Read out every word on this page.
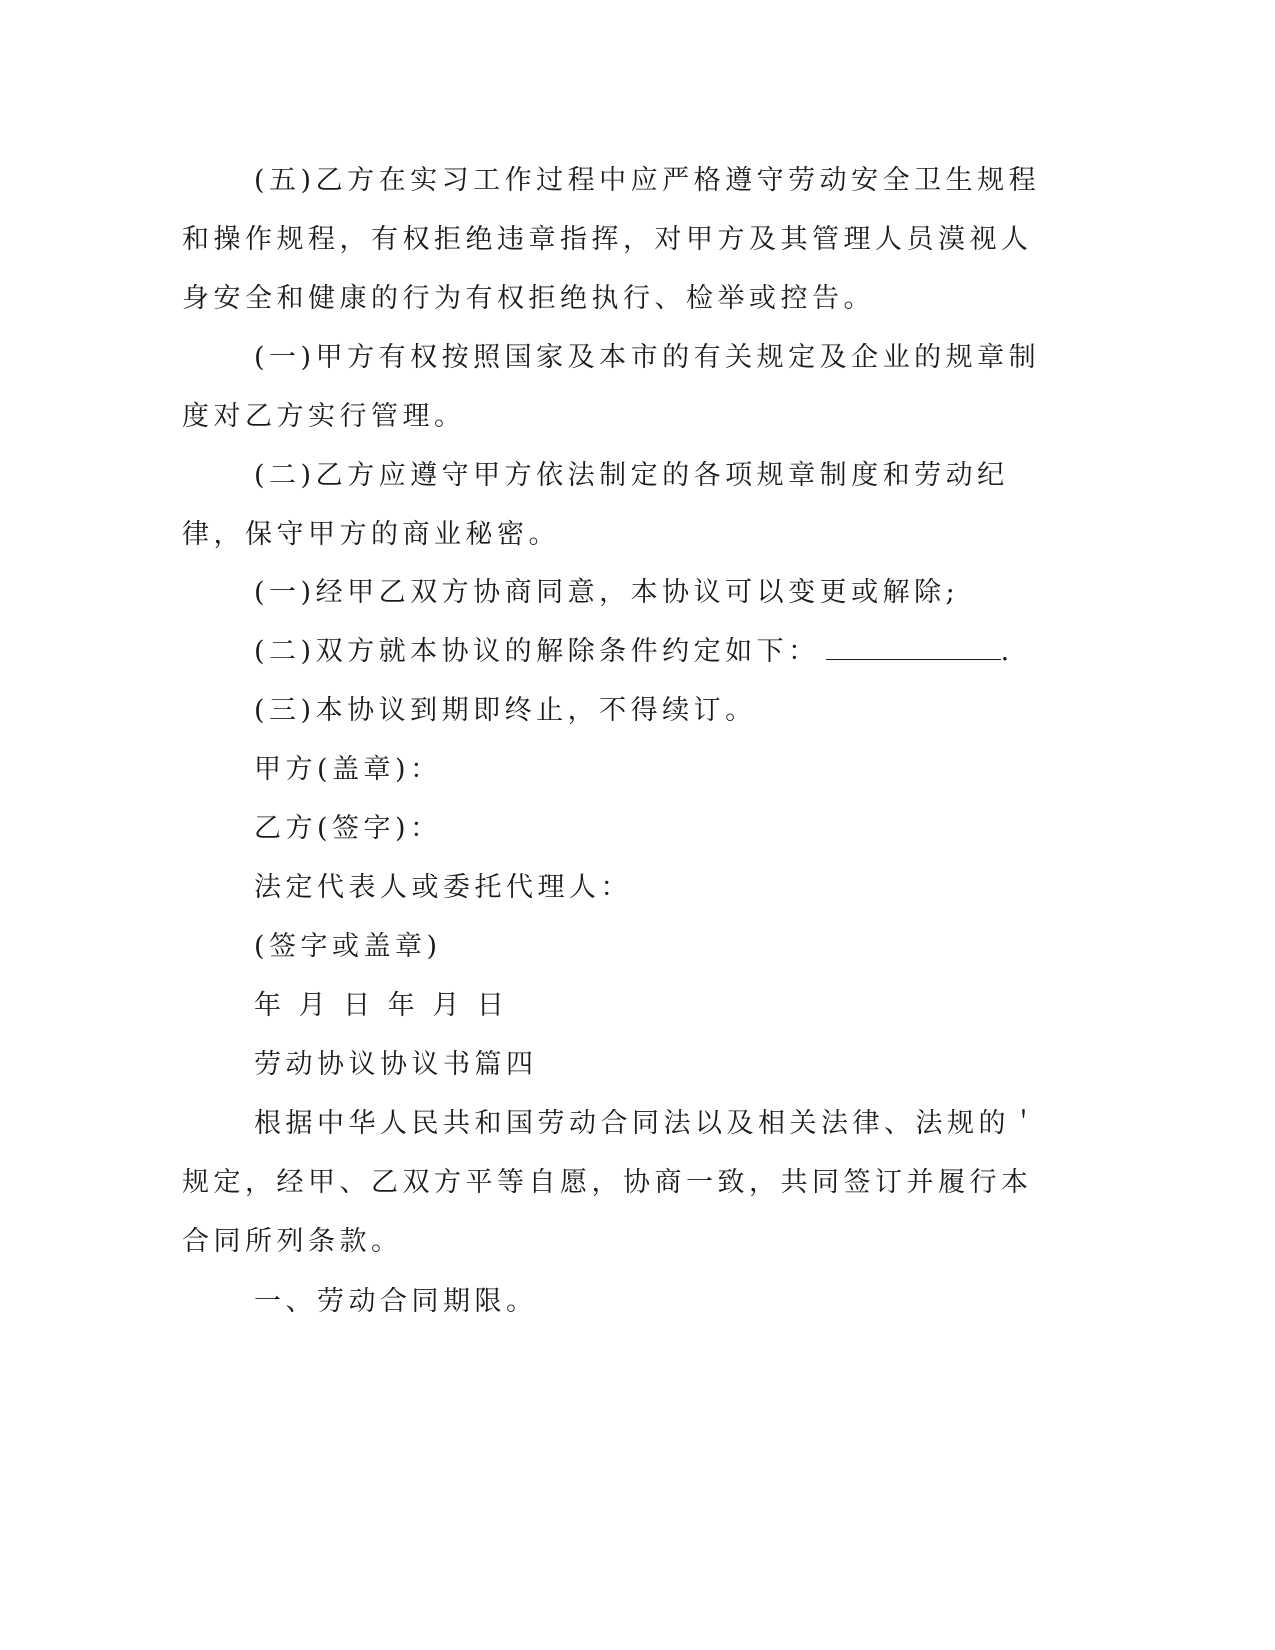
(五)乙方在实习工作过程中应严格遵守劳动安全卫生规程和操作规程，有权拒绝违章指挥，对甲方及其管理人员漠视人身安全和健康的行为有权拒绝执行、检举或控告。

(一)甲方有权按照国家及本市的有关规定及企业的规章制度对乙方实行管理。

(二)乙方应遵守甲方依法制定的各项规章制度和劳动纪律，保守甲方的商业秘密。

(一)经甲乙双方协商同意，本协议可以变更或解除;

(二)双方就本协议的解除条件约定如下：	.

(三)本协议到期即终止，不得续订。

甲方(盖章)：

乙方(签字)：

法定代表人或委托代理人：

(签字或盖章)

年 月 日 年 月 日

劳动协议协议书篇四

根据中华人民共和国劳动合同法以及相关法律、法规的＇规定，经甲、乙双方平等自愿，协商一致，共同签订并履行本合同所列条款。

一、劳动合同期限。
